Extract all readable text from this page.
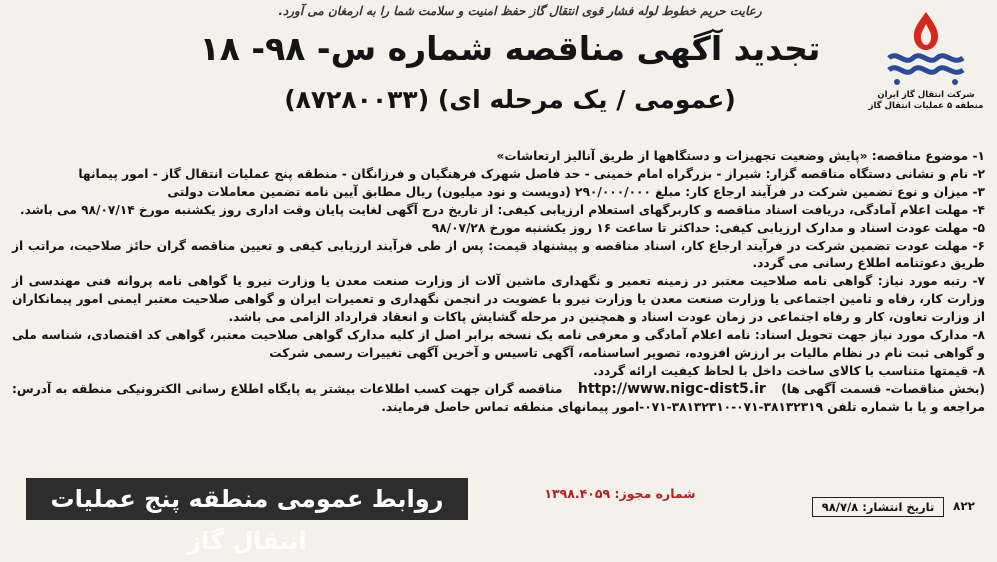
شرکت انتقال گاز ایران
منطقه ۵ عملیات انتقال گاز
رعایت حریم خطوط لوله فشار قوی انتقال گاز حفظ امنیت و سلامت شما را به ارمغان می آورد.
تجدید آگهی مناقصه شماره س- ۹۸- ۱۸
(عمومی / یک مرحله ای) (۸۷۲۸۰۰۳۳)

۱- موضوع مناقصه: «پایش وضعیت تجهیزات و دستگاهها از طریق آنالیز ارتعاشات»

۲- نام و نشانی دستگاه مناقصه گزار: شیراز - بزرگراه امام خمینی - حد فاصل شهرک فرهنگیان و فرزانگان - منطقه پنج عملیات انتقال گاز - امور پیمانها

۳- میزان و نوع تضمین شرکت در فرآیند ارجاع کار: مبلغ ۲۹۰/۰۰۰/۰۰۰ (دویست و نود میلیون) ریال مطابق آیین نامه تضمین معاملات دولتی

۴- مهلت اعلام آمادگی، دریافت اسناد مناقصه و کاربرگهای استعلام ارزیابی کیفی: از تاریخ درج آگهی لغایت پایان وقت اداری روز یکشنبه مورخ ۹۸/۰۷/۱۴ می باشد.

۵- مهلت عودت اسناد و مدارک ارزیابی کیفی: حداکثر تا ساعت ۱۶ روز یکشنبه مورخ ۹۸/۰۷/۲۸

۶- مهلت عودت تضمین شرکت در فرآیند ارجاع کار، اسناد مناقصه و پیشنهاد قیمت: پس از طی فرآیند ارزیابی کیفی و تعیین مناقصه گران حائز صلاحیت، مراتب از طریق دعوتنامه اطلاع رسانی می گردد.

۷- رتبه مورد نیاز: گواهی نامه صلاحیت معتبر در زمینه تعمیر و نگهداری ماشین آلات از وزارت صنعت معدن یا وزارت نیرو یا گواهی نامه پروانه فنی مهندسی از وزارت کار، رفاه و تامین اجتماعی یا وزارت صنعت معدن یا وزارت نیرو با عضویت در انجمن نگهداری و تعمیرات ایران و گواهی صلاحیت معتبر ایمنی امور پیمانکاران از وزارت تعاون، کار و رفاه اجتماعی در زمان عودت اسناد و همچنین در مرحله گشایش پاکات و انعقاد قرارداد الزامی می باشد.

۸- مدارک مورد نیاز جهت تحویل اسناد: نامه اعلام آمادگی و معرفی نامه یک نسخه برابر اصل از کلیه مدارک گواهی صلاحیت معتبر، گواهی کد اقتصادی، شناسه ملی و گواهی ثبت نام در نظام مالیات بر ارزش افزوده، تصویر اساسنامه، آگهی تاسیس و آخرین آگهی تغییرات رسمی شرکت

۸- قیمتها متناسب با کالای ساخت داخل با لحاظ کیفیت ارائه گردد.

مناقصه گران جهت کسب اطلاعات بیشتر به پایگاه اطلاع رسانی الکترونیکی منطقه به آدرس: http://www.nigc-dist5.ir (بخش مناقصات- قسمت آگهی ها)

مراجعه و یا با شماره تلفن ۳۸۱۳۲۳۱۹-۰۷۱-۳۸۱۳۲۳۱۰-۰۷۱-امور پیمانهای منطقه تماس حاصل فرمایند.

روابط عمومی منطقه پنج عملیات انتقال گاز
شماره مجوز: ۱۳۹۸.۴۰۵۹
تاریخ انتشار: ۹۸/۷/۸	۸۲۲
